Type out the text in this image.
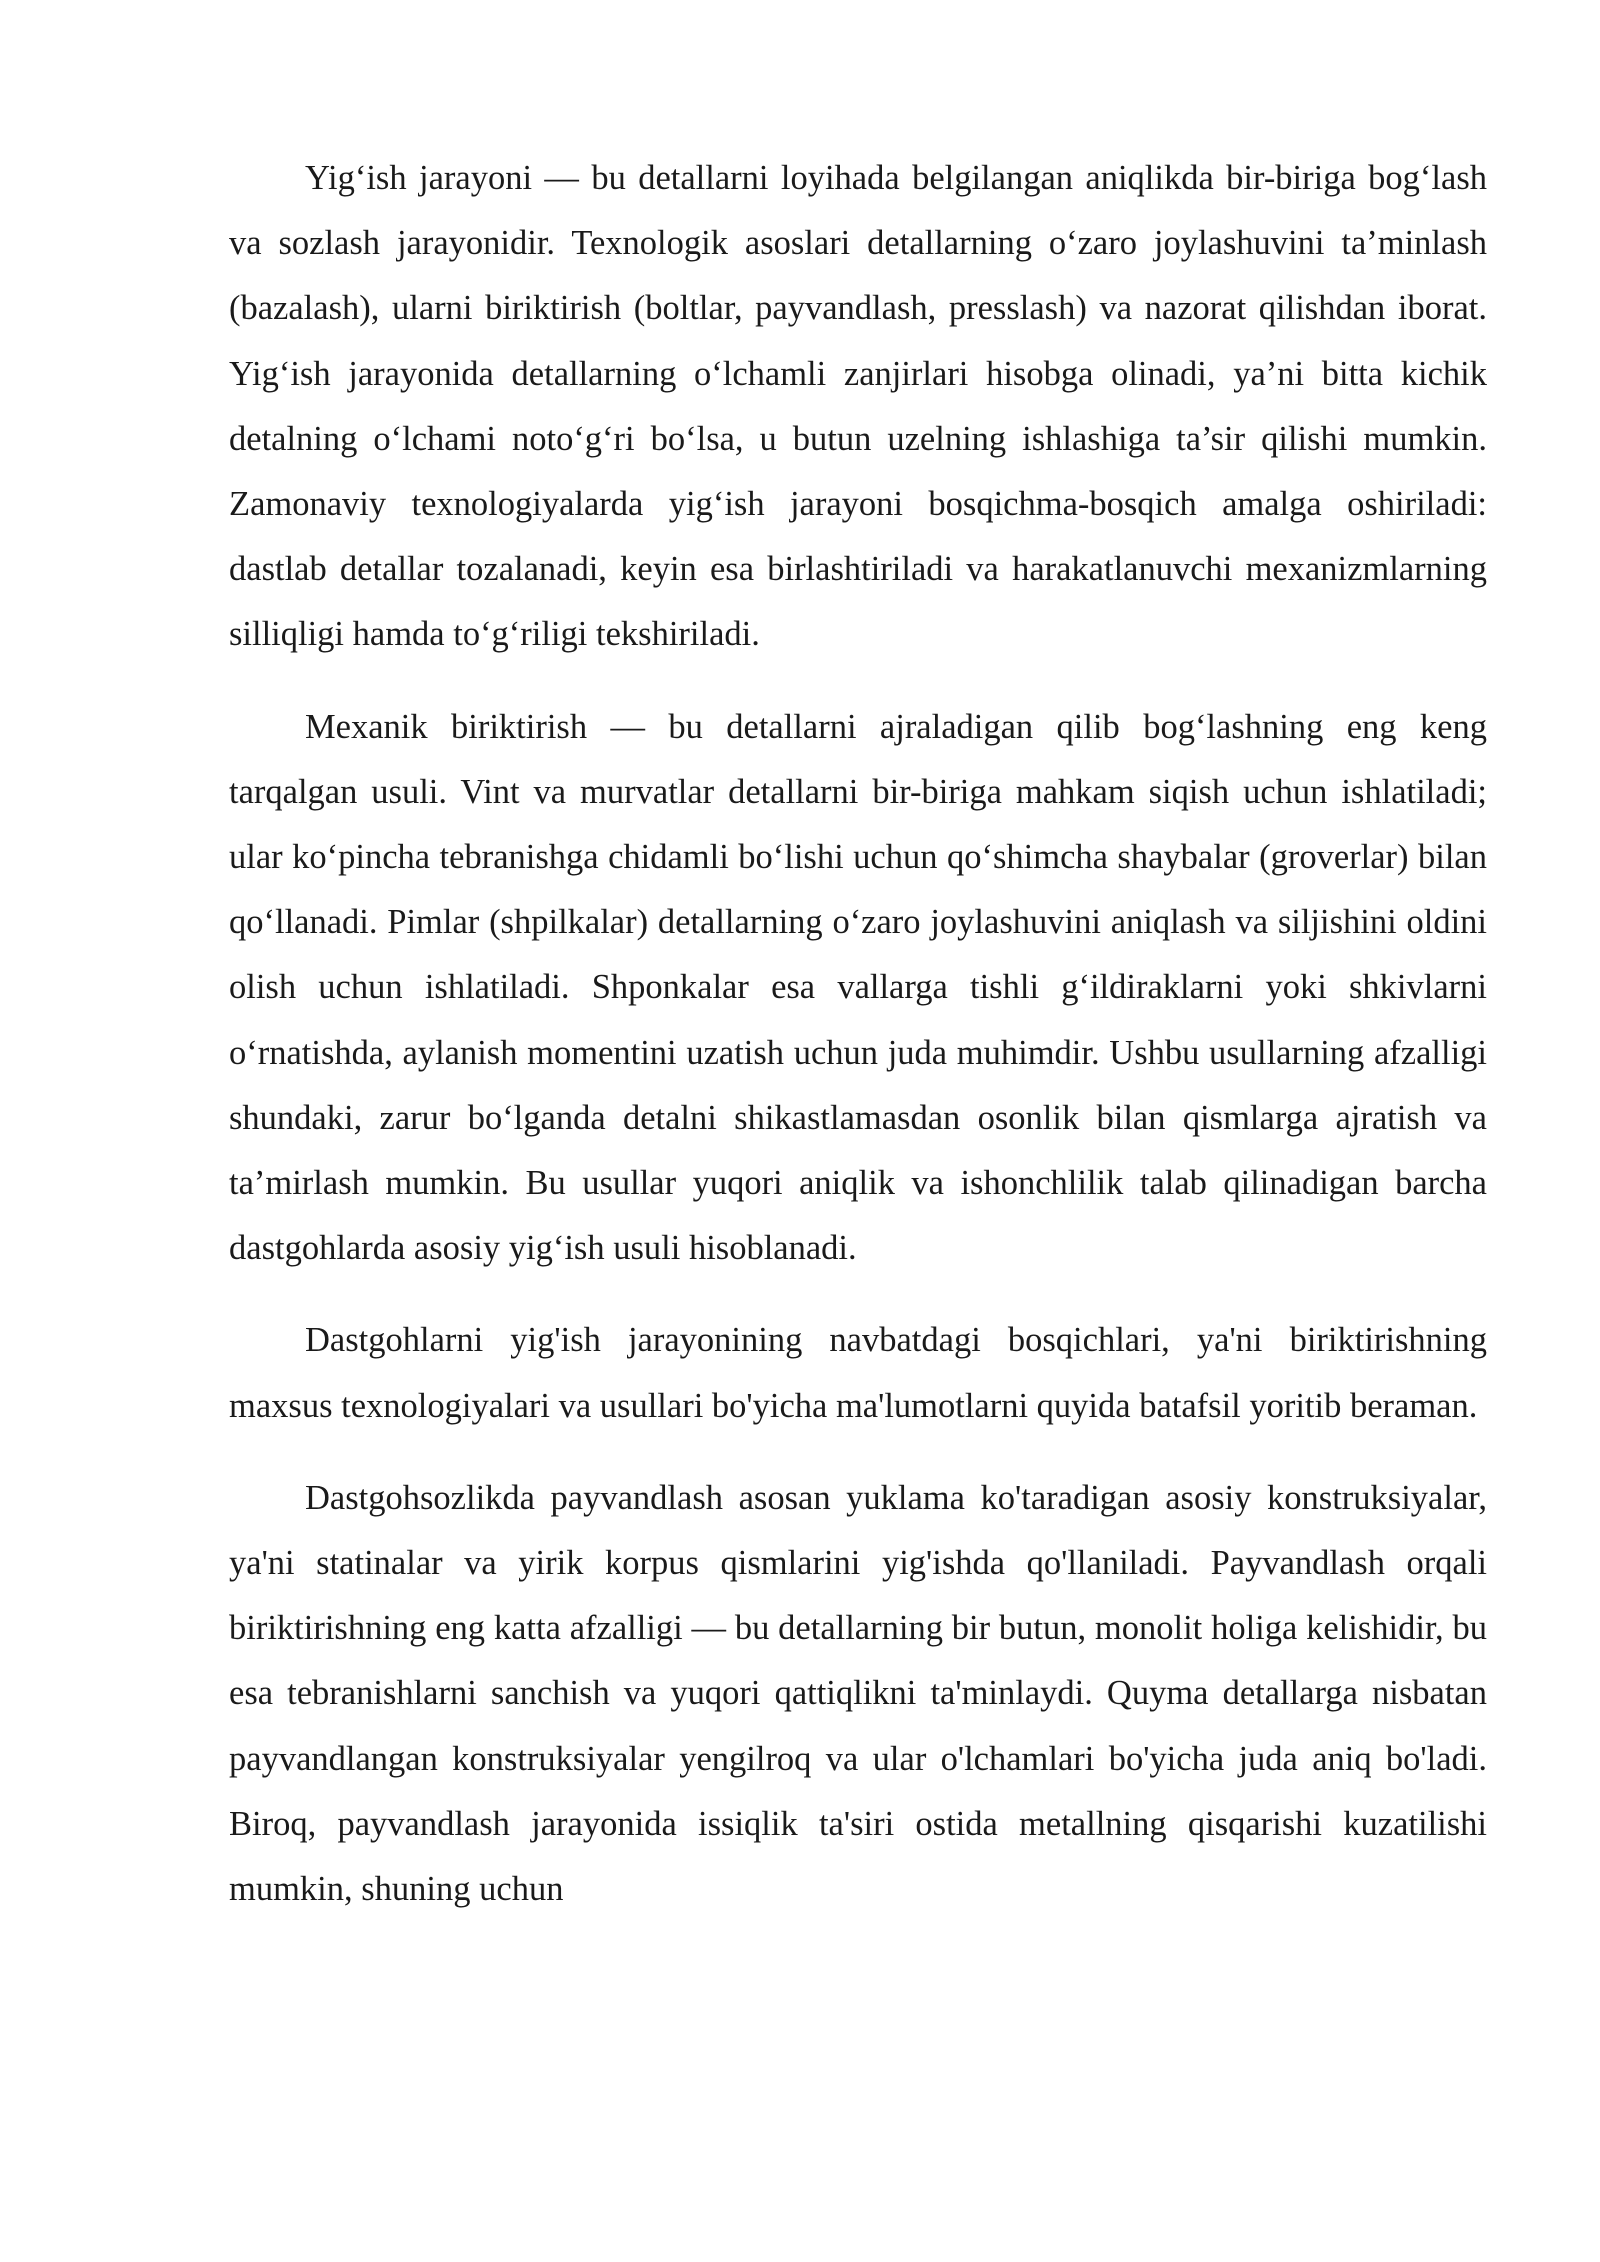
Yig‘ish jarayoni — bu detallarni loyihada belgilangan aniqlikda bir-biriga bog‘lash va sozlash jarayonidir. Texnologik asoslari detallarning o‘zaro joylashuvini ta’minlash (bazalash), ularni biriktirish (boltlar, payvandlash, presslash) va nazorat qilishdan iborat. Yig‘ish jarayonida detallarning o‘lchamli zanjirlari hisobga olinadi, ya’ni bitta kichik detalning o‘lchami noto‘g‘ri bo‘lsa, u butun uzelning ishlashiga ta’sir qilishi mumkin. Zamonaviy texnologiyalarda yig‘ish jarayoni bosqichma-bosqich amalga oshiriladi: dastlab detallar tozalanadi, keyin esa birlashtiriladi va harakatlanuvchi mexanizmlarning silliqligi hamda to‘g‘riligi tekshiriladi.

Mexanik biriktirish — bu detallarni ajraladigan qilib bog‘lashning eng keng tarqalgan usuli. Vint va murvatlar detallarni bir-biriga mahkam siqish uchun ishlatiladi; ular ko‘pincha tebranishga chidamli bo‘lishi uchun qo‘shimcha shaybalar (groverlar) bilan qo‘llanadi. Pimlar (shpilkalar) detallarning o‘zaro joylashuvini aniqlash va siljishini oldini olish uchun ishlatiladi. Shponkalar esa vallarga tishli g‘ildiraklarni yoki shkivlarni o‘rnatishda, aylanish momentini uzatish uchun juda muhimdir. Ushbu usullarning afzalligi shundaki, zarur bo‘lganda detalni shikastlamasdan osonlik bilan qismlarga ajratish va ta’mirlash mumkin. Bu usullar yuqori aniqlik va ishonchlilik talab qilinadigan barcha dastgohlarda asosiy yig‘ish usuli hisoblanadi.

Dastgohlarni yig'ish jarayonining navbatdagi bosqichlari, ya'ni biriktirishning maxsus texnologiyalari va usullari bo'yicha ma'lumotlarni quyida batafsil yoritib beraman.

Dastgohsozlikda payvandlash asosan yuklama ko'taradigan asosiy konstruksiyalar, ya'ni statinalar va yirik korpus qismlarini yig'ishda qo'llaniladi. Payvandlash orqali biriktirishning eng katta afzalligi — bu detallarning bir butun, monolit holiga kelishidir, bu esa tebranishlarni sanchish va yuqori qattiqlikni ta'minlaydi. Quyma detallarga nisbatan payvandlangan konstruksiyalar yengilroq va ular o'lchamlari bo'yicha juda aniq bo'ladi. Biroq, payvandlash jarayonida issiqlik ta'siri ostida metallning qisqarishi kuzatilishi mumkin, shuning uchun
